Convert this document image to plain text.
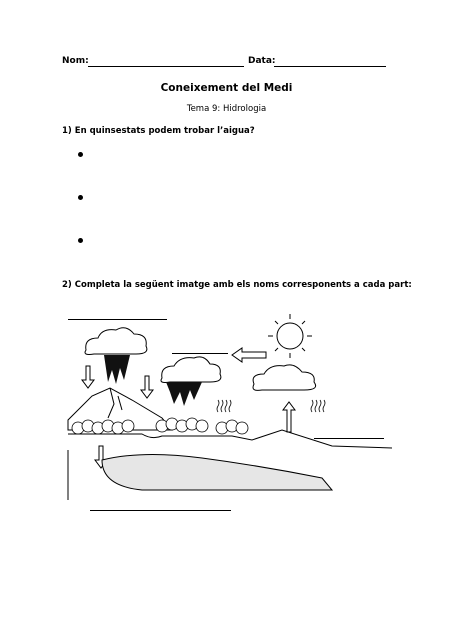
Nom:	Data:
Coneixement del Medi
Tema 9: Hidrologia
1) En quinsestats podem trobar l’aigua?
2) Completa la següent imatge amb els noms corresponents a cada part:
